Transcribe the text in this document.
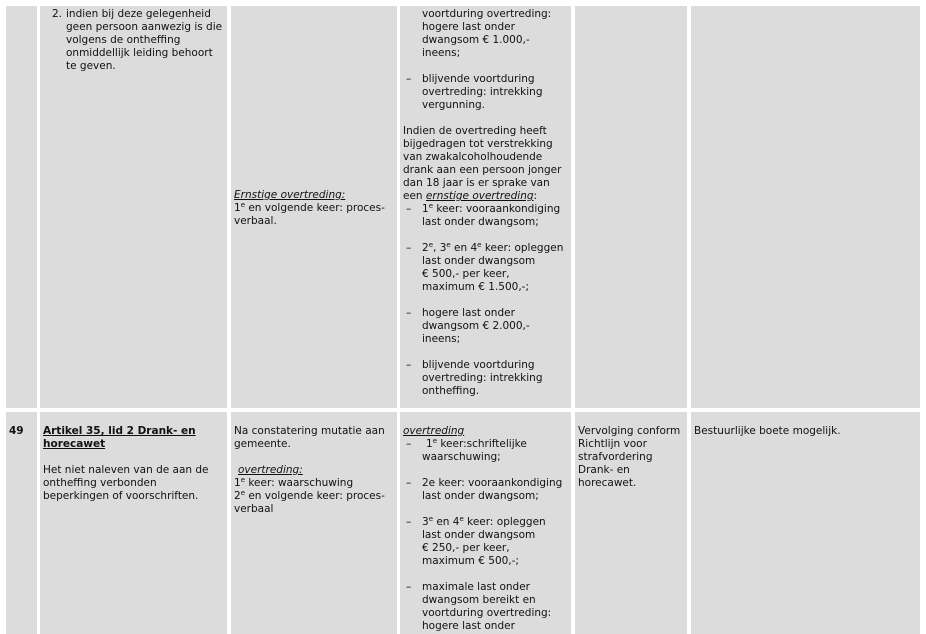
2. indien bij deze gelegenheid

geen persoon aanwezig is die

volgens de ontheffing

onmiddellijk leiding behoort

te geven.

Ernstige overtreding:

1e en volgende keer: proces-

verbaal.

voortduring overtreding:

hogere last onder

dwangsom € 1.000,-

ineens;

– blijvende voortduring

overtreding: intrekking

vergunning.

Indien de overtreding heeft

bijgedragen tot verstrekking

van zwakalcoholhoudende

drank aan een persoon jonger

dan 18 jaar is er sprake van

een ernstige overtreding:

– 1e keer: vooraankondiging

last onder dwangsom;

– 2e, 3e en 4e keer: opleggen

last onder dwangsom

€ 500,- per keer,

maximum € 1.500,-;

– hogere last onder

dwangsom € 2.000,-

ineens;

– blijvende voortduring

overtreding: intrekking

ontheffing.

49	Artikel 35, lid 2 Drank- en

horecawet

Het niet naleven van de aan de

ontheffing verbonden

beperkingen of voorschriften.

Na constatering mutatie aan

gemeente.

overtreding:

1e keer: waarschuwing

2e en volgende keer: proces-

verbaal

overtreding

– 1e keer:schriftelijke

waarschuwing;

– 2e keer: vooraankondiging

last onder dwangsom;

– 3e en 4e keer: opleggen

last onder dwangsom

€ 250,- per keer,

maximum € 500,-;

– maximale last onder

dwangsom bereikt en

voortduring overtreding:

hogere last onder

Vervolging conform

Richtlijn voor

strafvordering

Drank- en

horecawet.

Bestuurlijke boete mogelijk.
